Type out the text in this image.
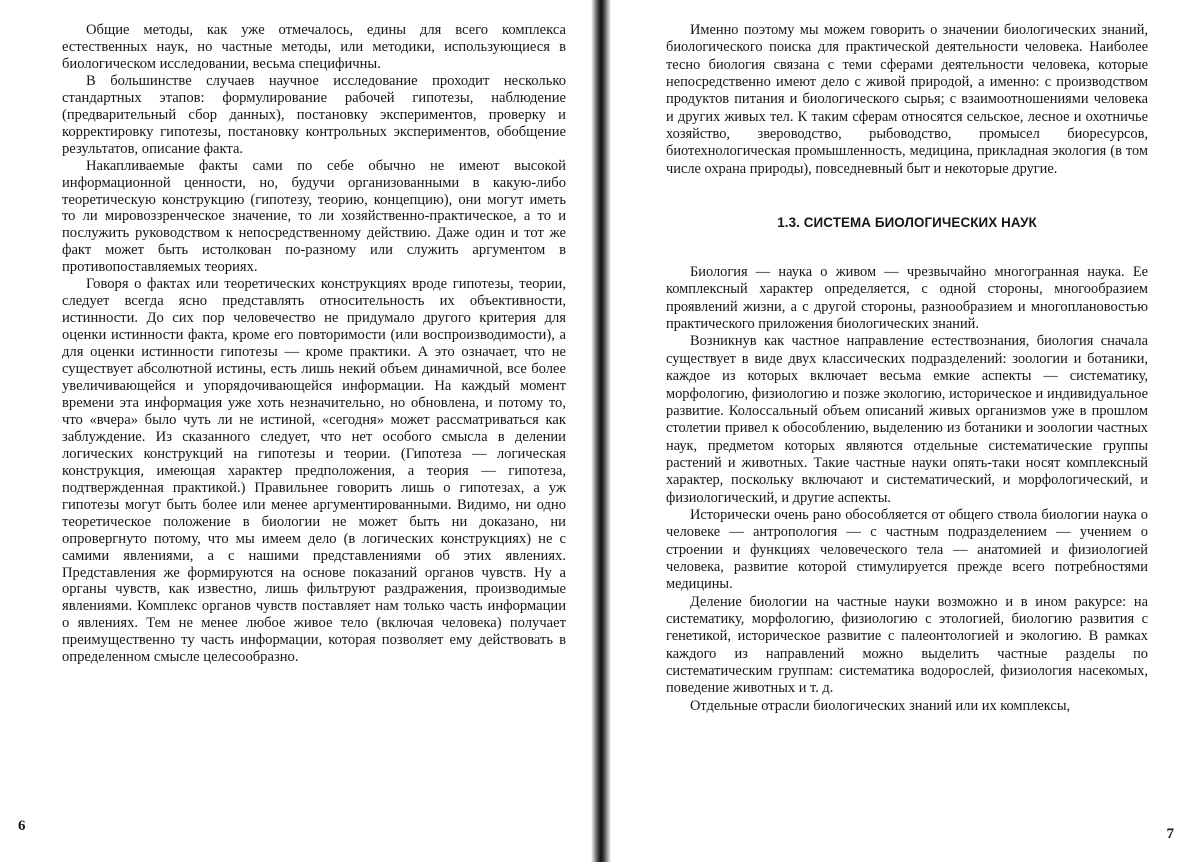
Общие методы, как уже отмечалось, едины для всего комплекса естественных наук, но частные методы, или методики, использующиеся в биологическом исследовании, весьма специфичны.

В большинстве случаев научное исследование проходит несколько стандартных этапов: формулирование рабочей гипотезы, наблюдение (предварительный сбор данных), постановку экспериментов, проверку и корректировку гипотезы, постановку контрольных экспериментов, обобщение результатов, описание факта.

Накапливаемые факты сами по себе обычно не имеют высокой информационной ценности, но, будучи организованными в какую-либо теоретическую конструкцию (гипотезу, теорию, концепцию), они могут иметь то ли мировоззренческое значение, то ли хозяйственно-практическое, а то и послужить руководством к непосредственному действию. Даже один и тот же факт может быть истолкован по-разному или служить аргументом в противопоставляемых теориях.

Говоря о фактах или теоретических конструкциях вроде гипотезы, теории, следует всегда ясно представлять относительность их объективности, истинности. До сих пор человечество не придумало другого критерия для оценки истинности факта, кроме его повторимости (или воспроизводимости), а для оценки истинности гипотезы — кроме практики. А это означает, что не существует абсолютной истины, есть лишь некий объем динамичной, все более увеличивающейся и упорядочивающейся информации. На каждый момент времени эта информация уже хоть незначительно, но обновлена, и потому то, что «вчера» было чуть ли не истиной, «сегодня» может рассматриваться как заблуждение. Из сказанного следует, что нет особого смысла в делении логических конструкций на гипотезы и теории. (Гипотеза — логическая конструкция, имеющая характер предположения, а теория — гипотеза, подтвержденная практикой.) Правильнее говорить лишь о гипотезах, а уж гипотезы могут быть более или менее аргументированными. Видимо, ни одно теоретическое положение в биологии не может быть ни доказано, ни опровергнуто потому, что мы имеем дело (в логических конструкциях) не с самими явлениями, а с нашими представлениями об этих явлениях. Представления же формируются на основе показаний органов чувств. Ну а органы чувств, как известно, лишь фильтруют раздражения, производимые явлениями. Комплекс органов чувств поставляет нам только часть информации о явлениях. Тем не менее любое живое тело (включая человека) получает преимущественно ту часть информации, которая позволяет ему действовать в определенном смысле целесообразно.

6

Именно поэтому мы можем говорить о значении биологических знаний, биологического поиска для практической деятельности человека. Наиболее тесно биология связана с теми сферами деятельности человека, которые непосредственно имеют дело с живой природой, а именно: с производством продуктов питания и биологического сырья; с взаимоотношениями человека и других живых тел. К таким сферам относятся сельское, лесное и охотничье хозяйство, звероводство, рыбоводство, промысел биоресурсов, биотехнологическая промышленность, медицина, прикладная экология (в том числе охрана природы), повседневный быт и некоторые другие.

1.3. СИСТЕМА БИОЛОГИЧЕСКИХ НАУК

Биология — наука о живом — чрезвычайно многогранная наука. Ее комплексный характер определяется, с одной стороны, многообразием проявлений жизни, а с другой стороны, разнообразием и многоплановостью практического приложения биологических знаний.

Возникнув как частное направление естествознания, биология сначала существует в виде двух классических подразделений: зоологии и ботаники, каждое из которых включает весьма емкие аспекты — систематику, морфологию, физиологию и позже экологию, историческое и индивидуальное развитие. Колоссальный объем описаний живых организмов уже в прошлом столетии привел к обособлению, выделению из ботаники и зоологии частных наук, предметом которых являются отдельные систематические группы растений и животных. Такие частные науки опять-таки носят комплексный характер, поскольку включают и систематический, и морфологический, и физиологический, и другие аспекты.

Исторически очень рано обособляется от общего ствола биологии наука о человеке — антропология — с частным подразделением — учением о строении и функциях человеческого тела — анатомией и физиологией человека, развитие которой стимулируется прежде всего потребностями медицины.

Деление биологии на частные науки возможно и в ином ракурсе: на систематику, морфологию, физиологию с этологией, биологию развития с генетикой, историческое развитие с палеонтологией и экологию. В рамках каждого из направлений можно выделить частные разделы по систематическим группам: систематика водорослей, физиология насекомых, поведение животных и т. д.

Отдельные отрасли биологических знаний или их комплексы,

7
